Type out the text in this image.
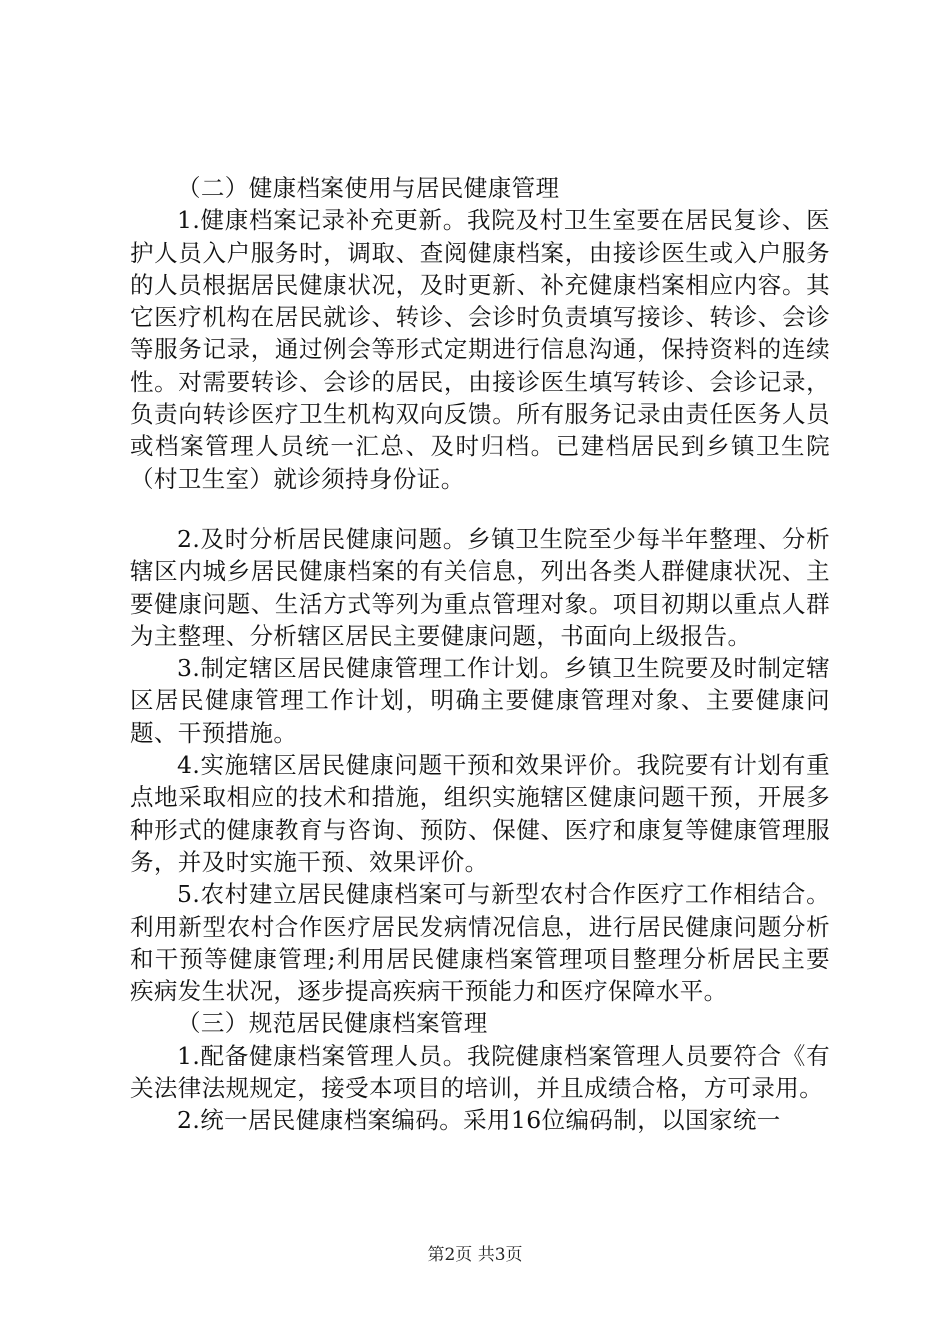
（二）健康档案使用与居民健康管理

1.健康档案记录补充更新。我院及村卫生室要在居民复诊、医护人员入户服务时，调取、查阅健康档案，由接诊医生或入户服务的人员根据居民健康状况，及时更新、补充健康档案相应内容。其它医疗机构在居民就诊、转诊、会诊时负责填写接诊、转诊、会诊等服务记录，通过例会等形式定期进行信息沟通，保持资料的连续性。对需要转诊、会诊的居民，由接诊医生填写转诊、会诊记录，负责向转诊医疗卫生机构双向反馈。所有服务记录由责任医务人员或档案管理人员统一汇总、及时归档。已建档居民到乡镇卫生院（村卫生室）就诊须持身份证。

2.及时分析居民健康问题。乡镇卫生院至少每半年整理、分析辖区内城乡居民健康档案的有关信息，列出各类人群健康状况、主要健康问题、生活方式等列为重点管理对象。项目初期以重点人群为主整理、分析辖区居民主要健康问题，书面向上级报告。

3.制定辖区居民健康管理工作计划。乡镇卫生院要及时制定辖区居民健康管理工作计划，明确主要健康管理对象、主要健康问题、干预措施。

4.实施辖区居民健康问题干预和效果评价。我院要有计划有重点地采取相应的技术和措施，组织实施辖区健康问题干预，开展多种形式的健康教育与咨询、预防、保健、医疗和康复等健康管理服务，并及时实施干预、效果评价。

5.农村建立居民健康档案可与新型农村合作医疗工作相结合。利用新型农村合作医疗居民发病情况信息，进行居民健康问题分析和干预等健康管理;利用居民健康档案管理项目整理分析居民主要疾病发生状况，逐步提高疾病干预能力和医疗保障水平。

（三）规范居民健康档案管理

1.配备健康档案管理人员。我院健康档案管理人员要符合《有关法律法规规定，接受本项目的培训，并且成绩合格，方可录用。

2.统一居民健康档案编码。采用16位编码制，以国家统一

第2页 共3页
